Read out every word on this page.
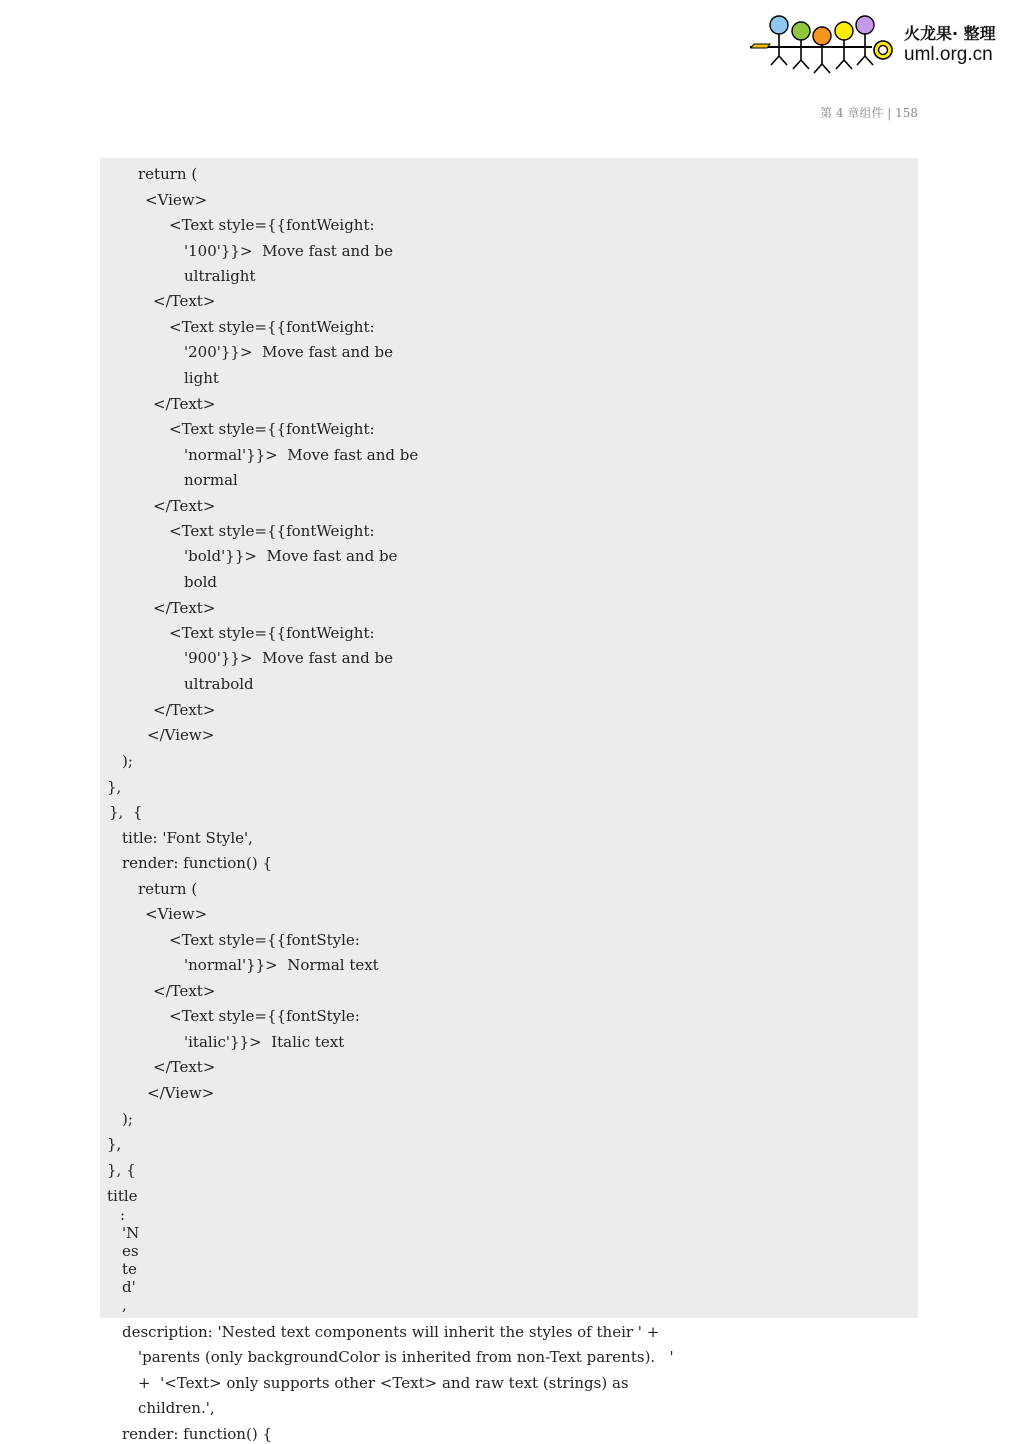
火龙果· 整理
uml.org.cn
第 4 章组件 | 158
return (
<View>
<Text style={{fontWeight:
'100'}}>  Move fast and be
ultralight
</Text>
<Text style={{fontWeight:
'200'}}>  Move fast and be
light
</Text>
<Text style={{fontWeight:
'normal'}}>  Move fast and be
normal
</Text>
<Text style={{fontWeight:
'bold'}}>  Move fast and be
bold
</Text>
<Text style={{fontWeight:
'900'}}>  Move fast and be
ultrabold
</Text>
</View>
);
},
},  {
title: 'Font Style',
render: function() {
return (
<View>
<Text style={{fontStyle:
'normal'}}>  Normal text
</Text>
<Text style={{fontStyle:
'italic'}}>  Italic text
</Text>
</View>
);
},
}, {
title
:
'N
es
te
d'
,
description: 'Nested text components will inherit the styles of their ' +
'parents (only backgroundColor is inherited from non-Text parents).   '
+  '<Text> only supports other <Text> and raw text (strings) as
children.',
render: function() {
